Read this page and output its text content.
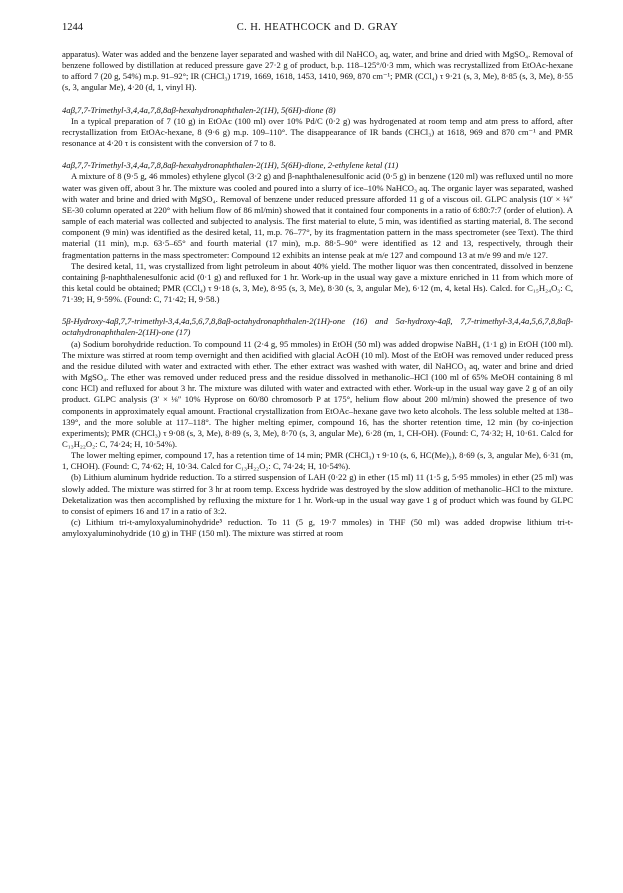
1244	C. H. HEATHCOCK and D. GRAY

apparatus). Water was added and the benzene layer separated and washed with dil NaHCO₃ aq, water, and brine and dried with MgSO₄. Removal of benzene followed by distillation at reduced pressure gave 27·2 g of product, b.p. 118–125°/0·3 mm, which was recrystallized from EtOAc-hexane to afford 7 (20 g, 54%) m.p. 91–92°; IR (CHCl₃) 1719, 1669, 1618, 1453, 1410, 969, 870 cm⁻¹; PMR (CCl₄) τ 9·21 (s, 3, Me), 8·85 (s, 3, Me), 8·55 (s, 3, angular Me), 4·20 (d, 1, vinyl H).

4aβ,7,7-Trimethyl-3,4,4a,7,8,8aβ-hexahydronaphthalen-2(1H), 5(6H)-dione (8)

In a typical preparation of 7 (10 g) in EtOAc (100 ml) over 10% Pd/C (0·2 g) was hydrogenated at room temp and atm press to afford, after recrystallization from EtOAc-hexane, 8 (9·6 g) m.p. 109–110°. The disappearance of IR bands (CHCl₃) at 1618, 969 and 870 cm⁻¹ and PMR resonance at 4·20 τ is consistent with the conversion of 7 to 8.

4aβ,7,7-Trimethyl-3,4,4a,7,8,8aβ-hexahydronaphthalen-2(1H), 5(6H)-dione, 2-ethylene ketal (11)

A mixture of 8 (9·5 g, 46 mmoles) ethylene glycol (3·2 g) and β-naphthalenesulfonic acid (0·5 g) in benzene (120 ml) was refluxed until no more water was given off, about 3 hr. The mixture was cooled and poured into a slurry of ice–10% NaHCO₃ aq. The organic layer was separated, washed with water and brine and dried with MgSO₄. Removal of benzene under reduced pressure afforded 11 g of a viscous oil. GLPC analysis (10′ × ⅛″ SE-30 column operated at 220° with helium flow of 86 ml/min) showed that it contained four components in a ratio of 6:80:7:7 (order of elution). A sample of each material was collected and subjected to analysis. The first material to elute, 5 min, was identified as starting material, 8. The second component (9 min) was identified as the desired ketal, 11, m.p. 76–77°, by its fragmentation pattern in the mass spectrometer (see Text). The third material (11 min), m.p. 63·5–65° and fourth material (17 min), m.p. 88·5–90° were identified as 12 and 13, respectively, through their fragmentation patterns in the mass spectrometer: Compound 12 exhibits an intense peak at m/e 127 and compound 13 at m/e 99 and m/e 127.

The desired ketal, 11, was crystallized from light petroleum in about 40% yield. The mother liquor was then concentrated, dissolved in benzene containing β-naphthalenesulfonic acid (0·1 g) and refluxed for 1 hr. Work-up in the usual way gave a mixture enriched in 11 from which more of this ketal could be obtained; PMR (CCl₄) τ 9·18 (s, 3, Me), 8·95 (s, 3, Me), 8·30 (s, 3, angular Me), 6·12 (m, 4, ketal Hs). Calcd. for C₁₅H₂₄O₃: C, 71·39; H, 9·59%. (Found: C, 71·42; H, 9·58.)

5β-Hydroxy-4aβ,7,7-trimethyl-3,4,4a,5,6,7,8,8aβ-octahydronaphthalen-2(1H)-one (16) and 5α-hydroxy-4aβ, 7,7-trimethyl-3,4,4a,5,6,7,8,8aβ-octahydronaphthalen-2(1H)-one (17)

(a) Sodium borohydride reduction. To compound 11 (2·4 g, 95 mmoles) in EtOH (50 ml) was added dropwise NaBH₄ (1·1 g) in EtOH (100 ml). The mixture was stirred at room temp overnight and then acidified with glacial AcOH (10 ml). Most of the EtOH was removed under reduced press and the residue diluted with water and extracted with ether. The ether extract was washed with water, dil NaHCO₃ aq, water and brine and dried with MgSO₄. The ether was removed under reduced press and the residue dissolved in methanolic–HCl (100 ml of 65% MeOH containing 8 ml conc HCl) and refluxed for about 3 hr. The mixture was diluted with water and extracted with ether. Work-up in the usual way gave 2 g of an oily product. GLPC analysis (3′ × ⅛″ 10% Hyprose on 60/80 chromosorb P at 175°, helium flow about 200 ml/min) showed the presence of two components in approximately equal amount. Fractional crystallization from EtOAc–hexane gave two keto alcohols. The less soluble melted at 138–139°, and the more soluble at 117–118°. The higher melting epimer, compound 16, has the shorter retention time, 12 min (by co-injection experiments); PMR (CHCl₃) τ 9·08 (s, 3, Me), 8·89 (s, 3, Me), 8·70 (s, 3, angular Me), 6·28 (m, 1, CH-OH). (Found: C, 74·32; H, 10·61. Calcd for C₁₃H₂₂O₂: C, 74·24; H, 10·54%).

The lower melting epimer, compound 17, has a retention time of 14 min; PMR (CHCl₃) τ 9·10 (s, 6, HC(Me)₂), 8·69 (s, 3, angular Me), 6·31 (m, 1, CHOH). (Found: C, 74·62; H, 10·34. Calcd for C₁₃H₂₂O₂: C, 74·24; H, 10·54%).

(b) Lithium aluminum hydride reduction. To a stirred suspension of LAH (0·22 g) in ether (15 ml) 11 (1·5 g, 5·95 mmoles) in ether (25 ml) was slowly added. The mixture was stirred for 3 hr at room temp. Excess hydride was destroyed by the slow addition of methanolic–HCl to the mixture. Deketalization was then accomplished by refluxing the mixture for 1 hr. Work-up in the usual way gave 1 g of product which was found by GLPC to consist of epimers 16 and 17 in a ratio of 3:2.

(c) Lithium tri-t-amyloxyaluminohydride⁵ reduction. To 11 (5 g, 19·7 mmoles) in THF (50 ml) was added dropwise lithium tri-t-amyloxyaluminohydride (10 g) in THF (150 ml). The mixture was stirred at room
